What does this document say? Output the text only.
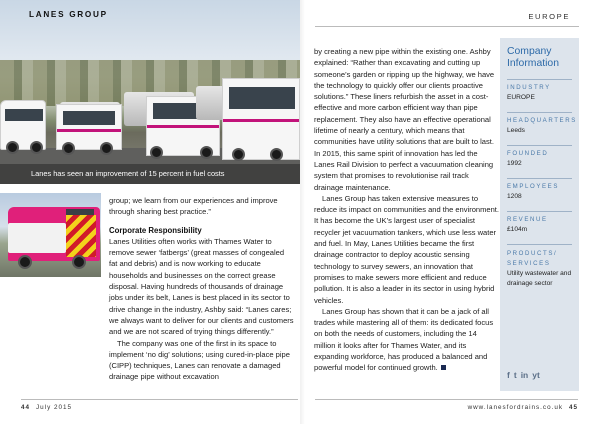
LANES GROUP
Lanes has seen an improvement of 15 percent in fuel costs
EUROPE

group; we learn from our experiences and improve through sharing best practice.”

Corporate Responsibility

Lanes Utilities often works with Thames Water to remove sewer ‘fatbergs’ (great masses of congealed fat and debris) and is now working to educate households and businesses on the correct grease disposal. Having hundreds of thousands of drainage jobs under its belt, Lanes is best placed in its sector to drive change in the industry, Ashby said: “Lanes cares; we always want to deliver for our clients and customers and we are not scared of trying things differently.”

The company was one of the first in its space to implement ‘no dig’ solutions; using cured-in-place pipe (CIPP) techniques, Lanes can renovate a damaged drainage pipe without excavation

by creating a new pipe within the existing one. Ashby explained: “Rather than excavating and cutting up someone’s garden or ripping up the highway, we have the technology to quickly offer our clients proactive solutions.” These liners refurbish the asset in a cost-effective and more carbon efficient way than pipe replacement. They also have an effective operational lifetime of nearly a century, which means that communities have utility solutions that are built to last. In 2015, this same spirit of innovation has led the Lanes Rail Division to perfect a vacuumation cleaning system that promises to revolutionise rail track drainage maintenance.

Lanes Group has taken extensive measures to reduce its impact on communities and the environment. It has become the UK’s largest user of specialist recycler jet vacuumation tankers, which use less water and fuel. In May, Lanes Utilities became the first drainage contractor to deploy acoustic sensing technology to survey sewers, an innovation that promises to make sewers more efficient and reduce pollution. It is also a leader in its sector in using hybrid vehicles.

Lanes Group has shown that it can be a jack of all trades while mastering all of them: its dedicated focus on both the needs of customers, including the 14 million it looks after for Thames Water, and its expanding workforce, has produced a balanced and powerful model for continued growth.

Company
Information
INDUSTRY
EUROPE
HEADQUARTERS
Leeds
FOUNDED
1992
EMPLOYEES
1208
REVENUE
£104m
PRODUCTS/ SERVICES
Utility wastewater and drainage sector
f t in yt
44 July 2015	www.lanesfordrains.co.uk 45
